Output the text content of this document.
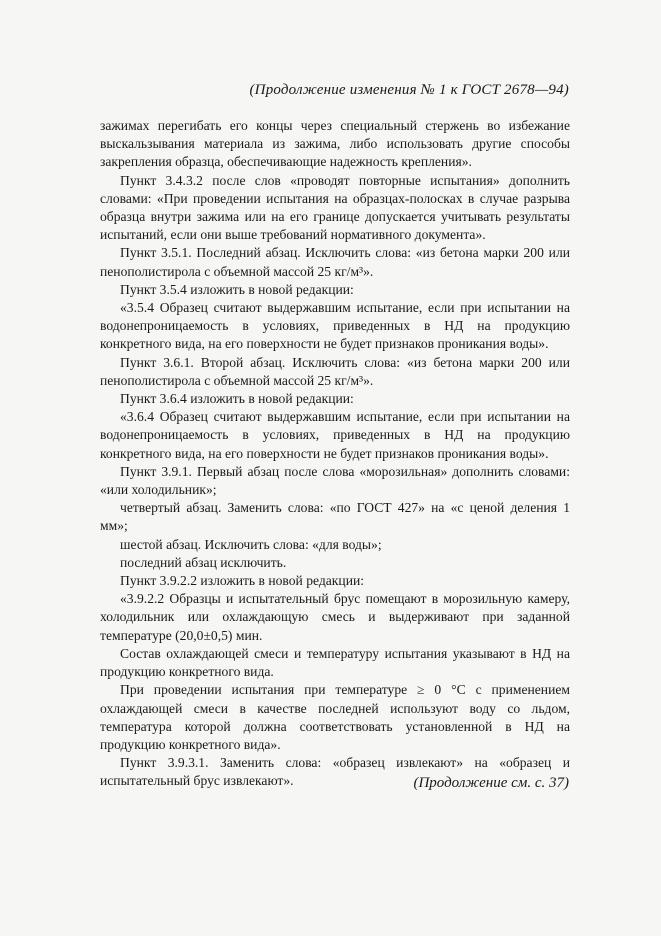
(Продолжение изменения № 1 к ГОСТ 2678—94)

зажимах перегибать его концы через специальный стержень во избежание выскальзывания материала из зажима, либо использовать другие способы закрепления образца, обеспечивающие надежность крепления».

Пункт 3.4.3.2 после слов «проводят повторные испытания» дополнить словами: «При проведении испытания на образцах-полосках в случае разрыва образца внутри зажима или на его границе допускается учитывать результаты испытаний, если они выше требований нормативного документа».

Пункт 3.5.1. Последний абзац. Исключить слова: «из бетона марки 200 или пенополистирола с объемной массой 25 кг/м³».

Пункт 3.5.4 изложить в новой редакции:

«3.5.4 Образец считают выдержавшим испытание, если при испытании на водонепроницаемость в условиях, приведенных в НД на продукцию конкретного вида, на его поверхности не будет признаков проникания воды».

Пункт 3.6.1. Второй абзац. Исключить слова: «из бетона марки 200 или пенополистирола с объемной массой 25 кг/м³».

Пункт 3.6.4 изложить в новой редакции:

«3.6.4 Образец считают выдержавшим испытание, если при испытании на водонепроницаемость в условиях, приведенных в НД на продукцию конкретного вида, на его поверхности не будет признаков проникания воды».

Пункт 3.9.1. Первый абзац после слова «морозильная» дополнить словами: «или холодильник»;

четвертый абзац. Заменить слова: «по ГОСТ 427» на «с ценой деления 1 мм»;

шестой абзац. Исключить слова: «для воды»;

последний абзац исключить.

Пункт 3.9.2.2 изложить в новой редакции:

«3.9.2.2 Образцы и испытательный брус помещают в морозильную камеру, холодильник или охлаждающую смесь и выдерживают при заданной температуре (20,0±0,5) мин.

Состав охлаждающей смеси и температуру испытания указывают в НД на продукцию конкретного вида.

При проведении испытания при температуре ≥ 0 °С с применением охлаждающей смеси в качестве последней используют воду со льдом, температура которой должна соответствовать установленной в НД на продукцию конкретного вида».

Пункт 3.9.3.1. Заменить слова: «образец извлекают» на «образец и испытательный брус извлекают».	(Продолжение см. с. 37)
